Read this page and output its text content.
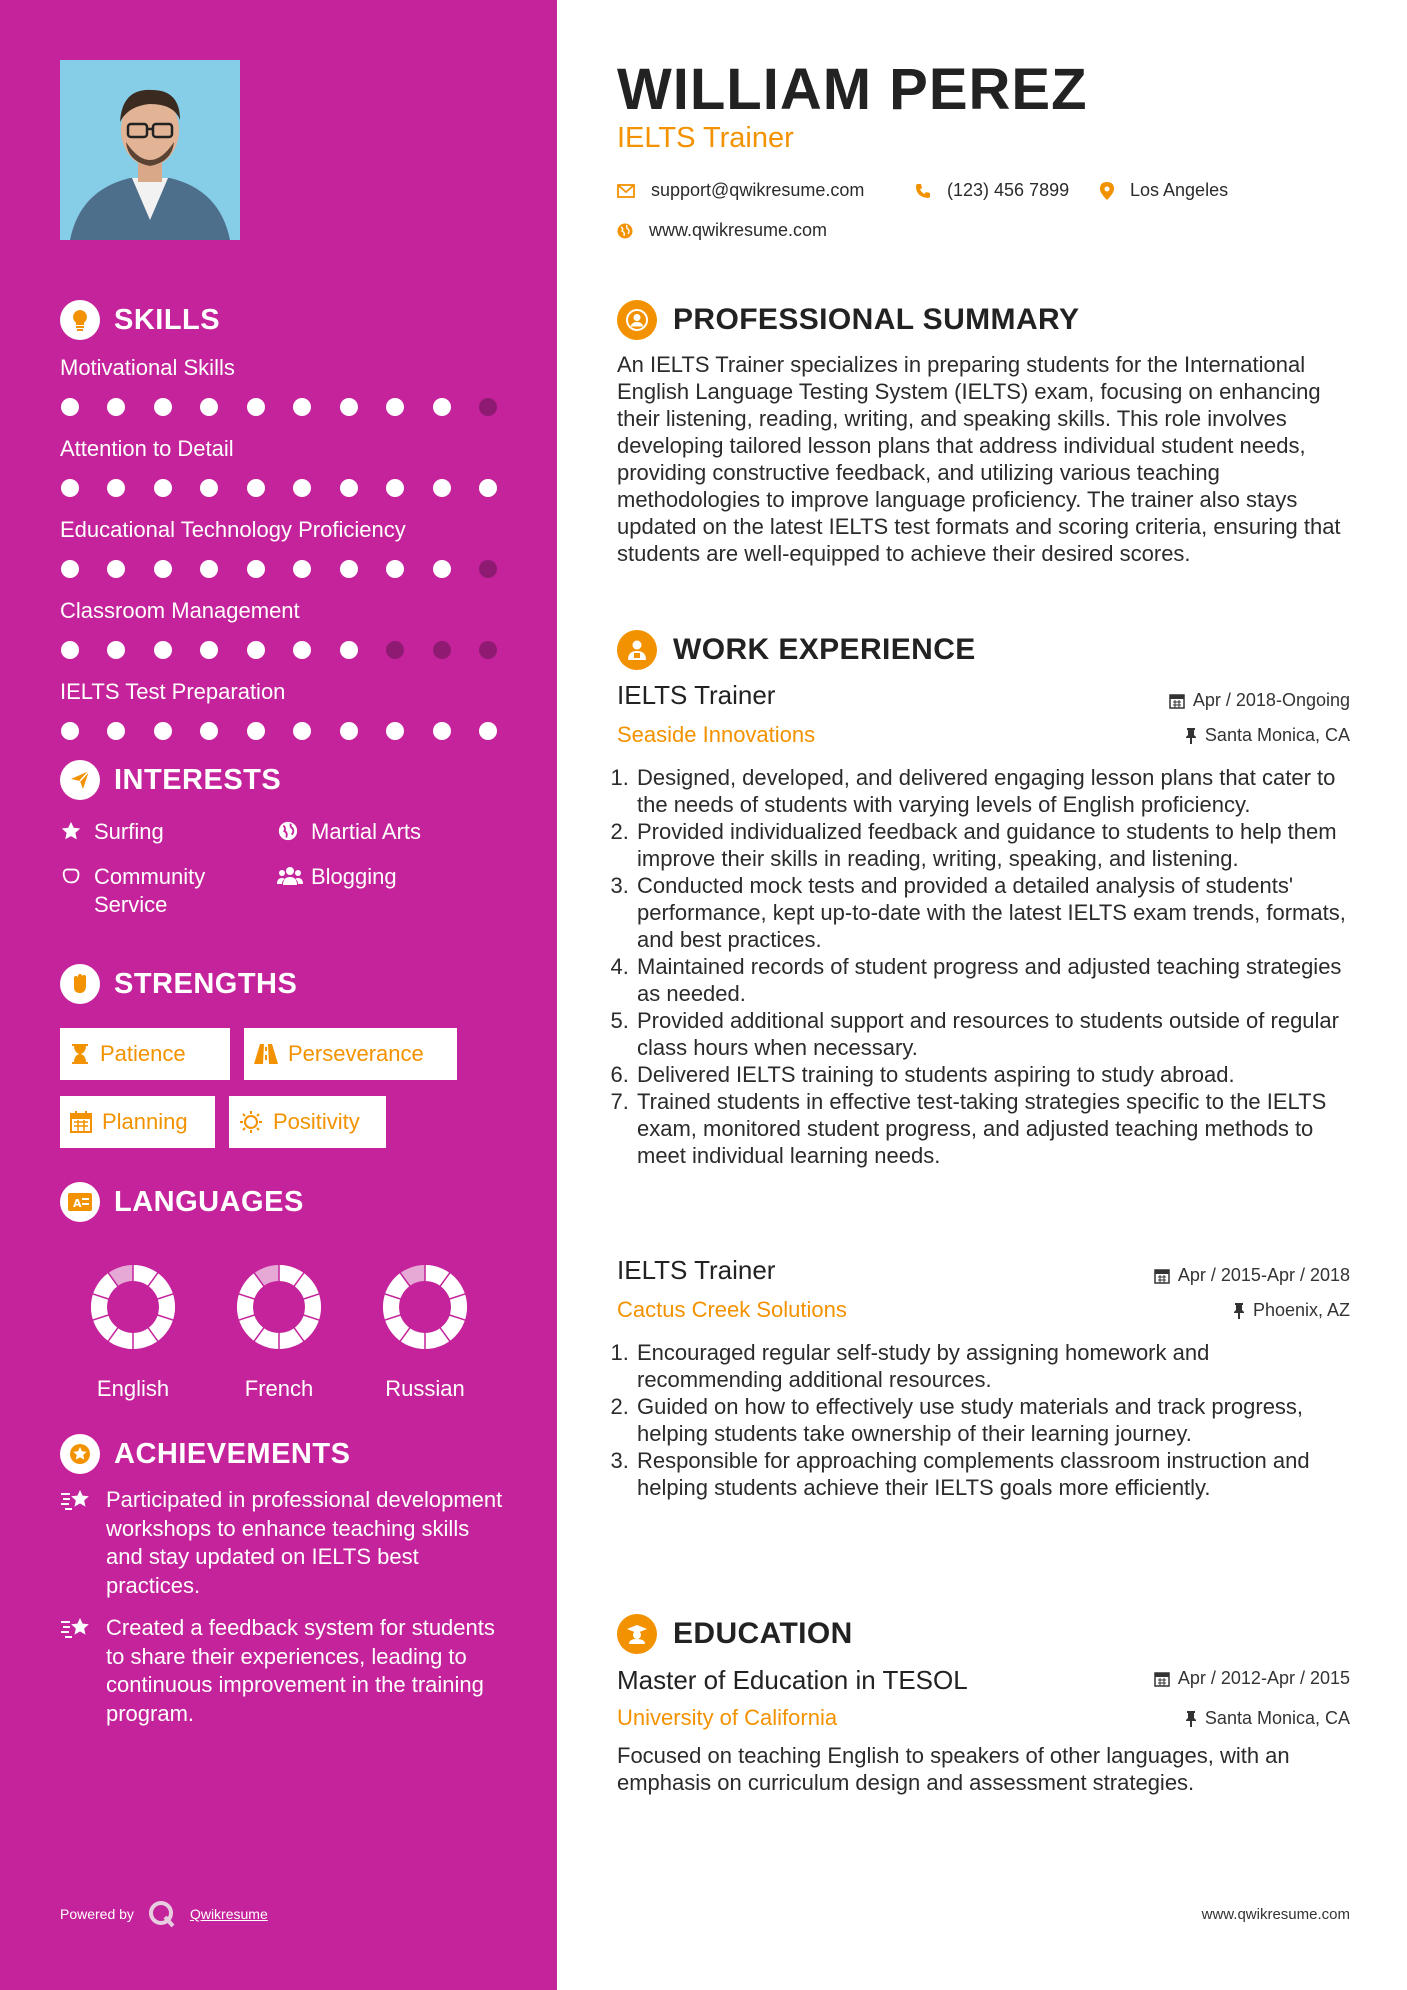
SKILLS
Motivational Skills
Attention to Detail
Educational Technology Proficiency
Classroom Management
IELTS Test Preparation
INTERESTS
Surfing	Martial Arts
Community Service
Blogging
STRENGTHS
Patience	Perseverance
Planning	Positivity
A LANGUAGES
English	French	Russian
ACHIEVEMENTS
Participated in professional development workshops to enhance teaching skills and stay updated on IELTS best practices.
Created a feedback system for students to share their experiences, leading to continuous improvement in the training program.
Powered by	Qwikresume
WILLIAM PEREZ
IELTS Trainer
support@qwikresume.com	(123) 456 7899	Los Angeles
www.qwikresume.com
PROFESSIONAL SUMMARY

An IELTS Trainer specializes in preparing students for the International English Language Testing System (IELTS) exam, focusing on enhancing their listening, reading, writing, and speaking skills. This role involves developing tailored lesson plans that address individual student needs, providing constructive feedback, and utilizing various teaching methodologies to improve language proficiency. The trainer also stays updated on the latest IELTS test formats and scoring criteria, ensuring that students are well-equipped to achieve their desired scores.

WORK EXPERIENCE
IELTS Trainer	Apr / 2018-Ongoing
Seaside Innovations	Santa Monica, CA
1. Designed, developed, and delivered engaging lesson plans that cater to the needs of students with varying levels of English proficiency.
2. Provided individualized feedback and guidance to students to help them improve their skills in reading, writing, speaking, and listening.
3. Conducted mock tests and provided a detailed analysis of students' performance, kept up-to-date with the latest IELTS exam trends, formats, and best practices.
4. Maintained records of student progress and adjusted teaching strategies as needed.
5. Provided additional support and resources to students outside of regular class hours when necessary.
6. Delivered IELTS training to students aspiring to study abroad.
7. Trained students in effective test-taking strategies specific to the IELTS exam, monitored student progress, and adjusted teaching methods to meet individual learning needs.
IELTS Trainer	Apr / 2015-Apr / 2018
Cactus Creek Solutions	Phoenix, AZ
1. Encouraged regular self-study by assigning homework and recommending additional resources.
2. Guided on how to effectively use study materials and track progress, helping students take ownership of their learning journey.
3. Responsible for approaching complements classroom instruction and helping students achieve their IELTS goals more efficiently.
EDUCATION
Master of Education in TESOL	Apr / 2012-Apr / 2015
University of California	Santa Monica, CA

Focused on teaching English to speakers of other languages, with an emphasis on curriculum design and assessment strategies.

www.qwikresume.com
